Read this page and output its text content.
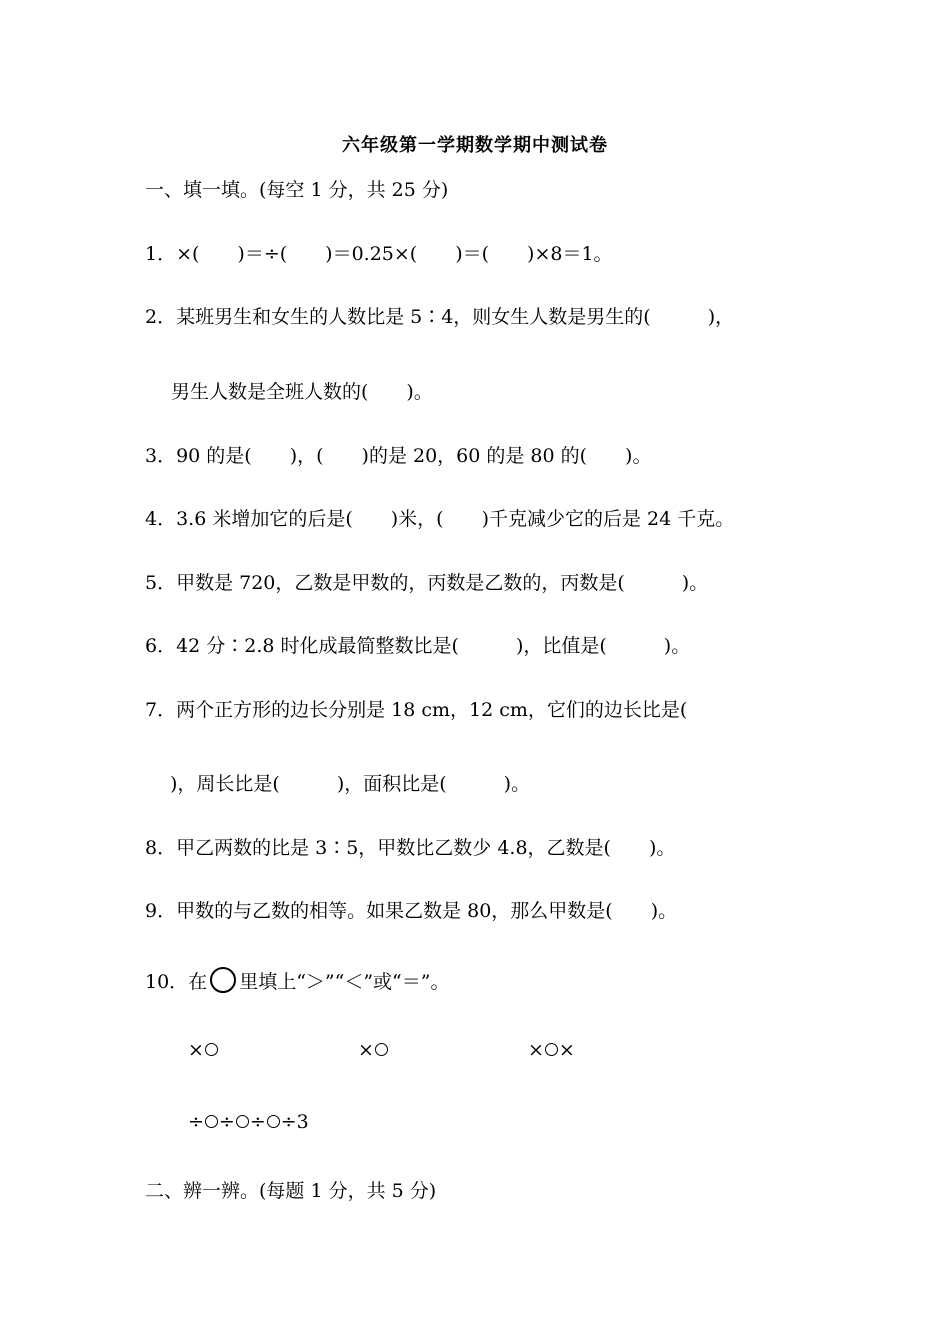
六年级第一学期数学期中测试卷
一、填一填。(每空 1 分，共 25 分)
1．×(　　)＝÷(　　)＝0.25×(　　)＝(　　)×8＝1。
2．某班男生和女生的人数比是 5∶4，则女生人数是男生的(　　　)，
男生人数是全班人数的(　　)。
3．90 的是(　　)，(　　)的是 20，60 的是 80 的(　　)。
4．3.6 米增加它的后是(　　)米，(　　)千克减少它的后是 24 千克。
5．甲数是 720，乙数是甲数的，丙数是乙数的，丙数是(　　　)。
6．42 分∶2.8 时化成最简整数比是(　　　)，比值是(　　　)。
7．两个正方形的边长分别是 18 cm，12 cm，它们的边长比是(
)，周长比是(　　　)，面积比是(　　　)。
8．甲乙两数的比是 3∶5，甲数比乙数少 4.8，乙数是(　　)。
9．甲数的与乙数的相等。如果乙数是 80，那么甲数是(　　)。
10．在 里填上“＞”“＜”或“＝”。
×	×	× ×
÷ ÷ ÷ ÷3
二、辨一辨。(每题 1 分，共 5 分)
